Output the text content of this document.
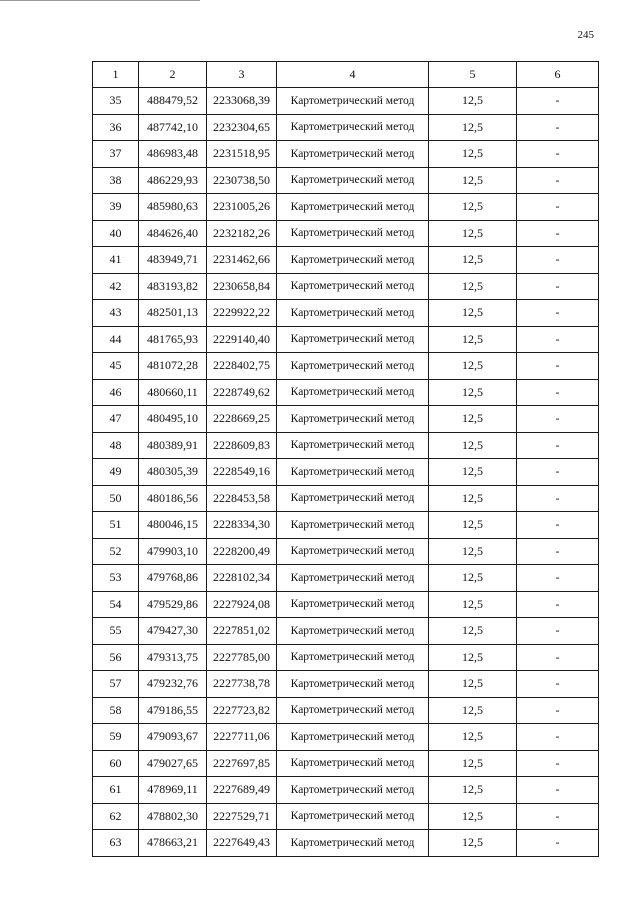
245
1	2	3	4	5	6
35	488479,52	2233068,39	Картометрический метод	12,5	-
36	487742,10	2232304,65	Картометрический метод	12,5	-
37	486983,48	2231518,95	Картометрический метод	12,5	-
38	486229,93	2230738,50	Картометрический метод	12,5	-
39	485980,63	2231005,26	Картометрический метод	12,5	-
40	484626,40	2232182,26	Картометрический метод	12,5	-
41	483949,71	2231462,66	Картометрический метод	12,5	-
42	483193,82	2230658,84	Картометрический метод	12,5	-
43	482501,13	2229922,22	Картометрический метод	12,5	-
44	481765,93	2229140,40	Картометрический метод	12,5	-
45	481072,28	2228402,75	Картометрический метод	12,5	-
46	480660,11	2228749,62	Картометрический метод	12,5	-
47	480495,10	2228669,25	Картометрический метод	12,5	-
48	480389,91	2228609,83	Картометрический метод	12,5	-
49	480305,39	2228549,16	Картометрический метод	12,5	-
50	480186,56	2228453,58	Картометрический метод	12,5	-
51	480046,15	2228334,30	Картометрический метод	12,5	-
52	479903,10	2228200,49	Картометрический метод	12,5	-
53	479768,86	2228102,34	Картометрический метод	12,5	-
54	479529,86	2227924,08	Картометрический метод	12,5	-
55	479427,30	2227851,02	Картометрический метод	12,5	-
56	479313,75	2227785,00	Картометрический метод	12,5	-
57	479232,76	2227738,78	Картометрический метод	12,5	-
58	479186,55	2227723,82	Картометрический метод	12,5	-
59	479093,67	2227711,06	Картометрический метод	12,5	-
60	479027,65	2227697,85	Картометрический метод	12,5	-
61	478969,11	2227689,49	Картометрический метод	12,5	-
62	478802,30	2227529,71	Картометрический метод	12,5	-
63	478663,21	2227649,43	Картометрический метод	12,5	-
